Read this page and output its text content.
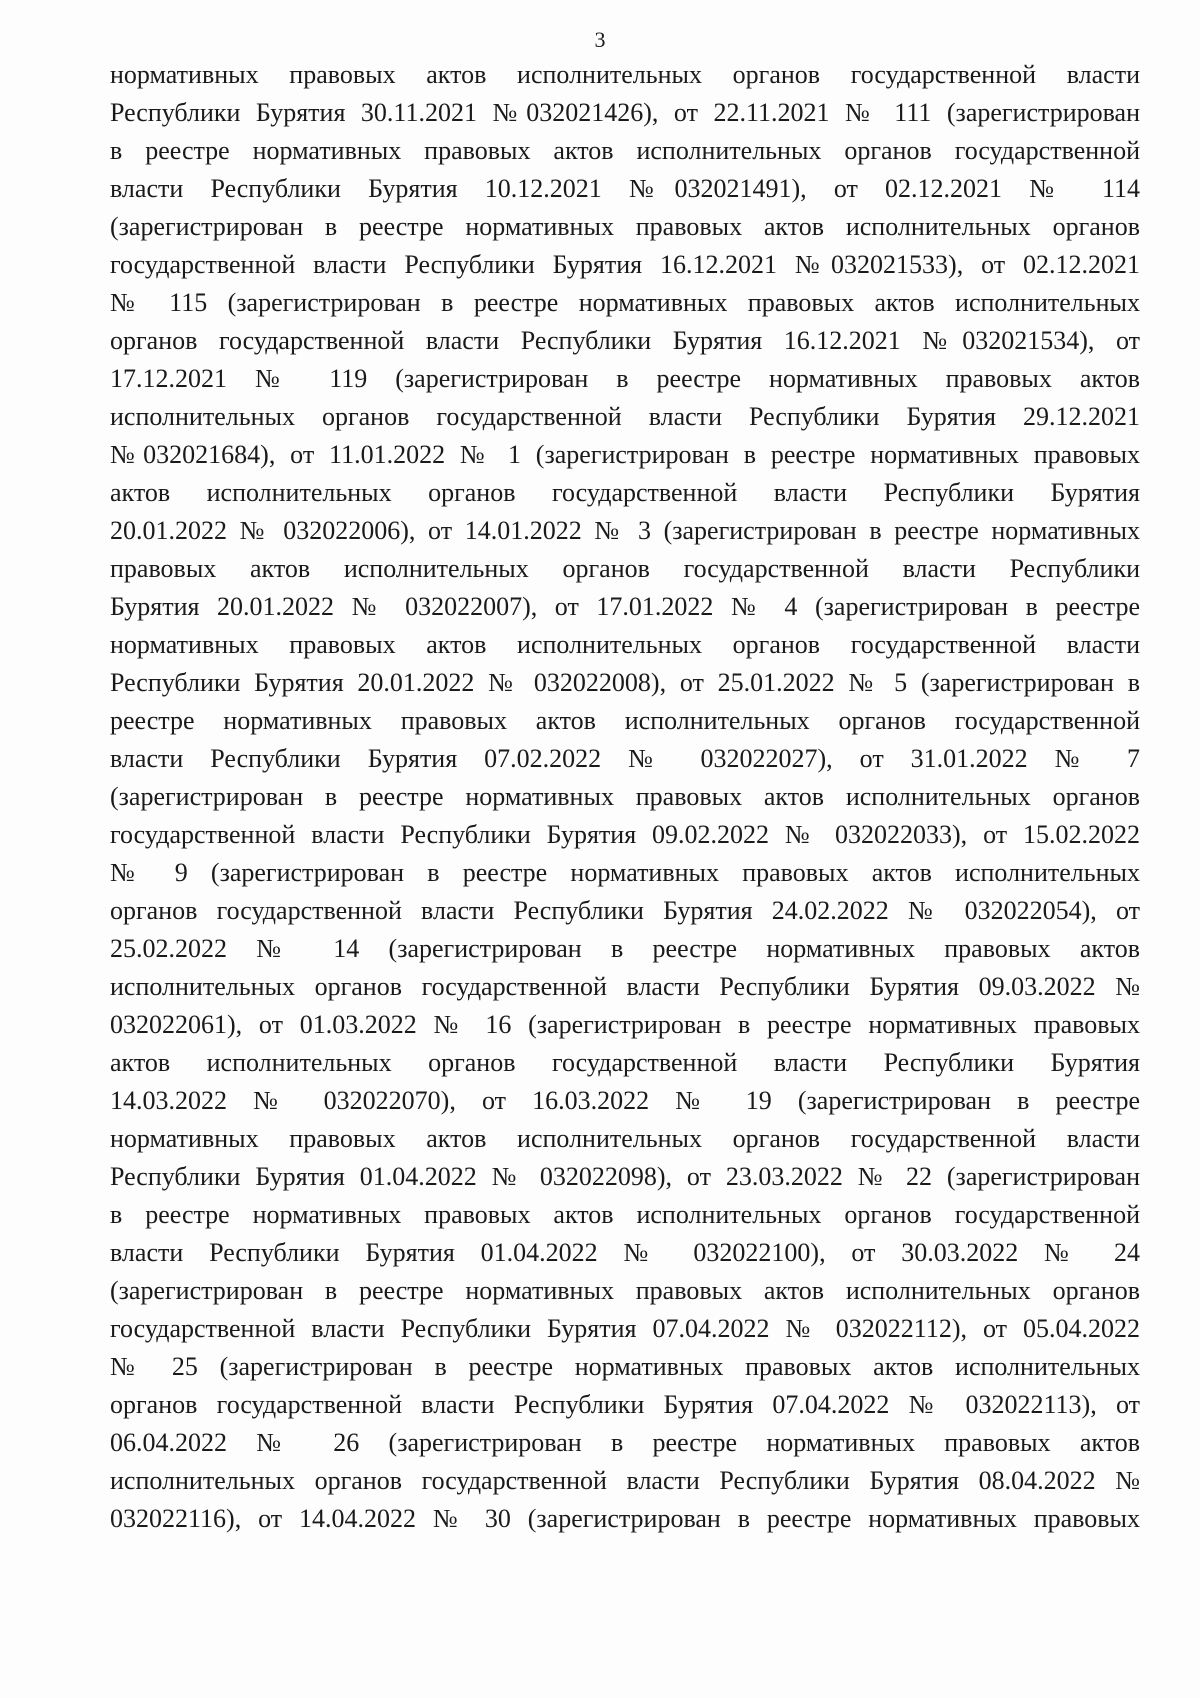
3
нормативных правовых актов исполнительных органов государственной власти
Республики Бурятия 30.11.2021 №032021426), от 22.11.2021 № 111 (зарегистрирован
в реестре нормативных правовых актов исполнительных органов государственной
власти Республики Бурятия 10.12.2021 №032021491), от 02.12.2021 № 114
(зарегистрирован в реестре нормативных правовых актов исполнительных органов
государственной власти Республики Бурятия 16.12.2021 №032021533), от 02.12.2021
№ 115 (зарегистрирован в реестре нормативных правовых актов исполнительных
органов государственной власти Республики Бурятия 16.12.2021 №032021534), от
17.12.2021 № 119 (зарегистрирован в реестре нормативных правовых актов
исполнительных органов государственной власти Республики Бурятия 29.12.2021
№032021684), от 11.01.2022 № 1 (зарегистрирован в реестре нормативных правовых
актов исполнительных органов государственной власти Республики Бурятия
20.01.2022 № 032022006), от 14.01.2022 № 3 (зарегистрирован в реестре нормативных
правовых актов исполнительных органов государственной власти Республики
Бурятия 20.01.2022 № 032022007), от 17.01.2022 № 4 (зарегистрирован в реестре
нормативных правовых актов исполнительных органов государственной власти
Республики Бурятия 20.01.2022 № 032022008), от 25.01.2022 № 5 (зарегистрирован в
реестре нормативных правовых актов исполнительных органов государственной
власти Республики Бурятия 07.02.2022 № 032022027), от 31.01.2022 № 7
(зарегистрирован в реестре нормативных правовых актов исполнительных органов
государственной власти Республики Бурятия 09.02.2022 № 032022033), от 15.02.2022
№ 9 (зарегистрирован в реестре нормативных правовых актов исполнительных
органов государственной власти Республики Бурятия 24.02.2022 № 032022054), от
25.02.2022 № 14 (зарегистрирован в реестре нормативных правовых актов
исполнительных органов государственной власти Республики Бурятия 09.03.2022 №
032022061), от 01.03.2022 № 16 (зарегистрирован в реестре нормативных правовых
актов исполнительных органов государственной власти Республики Бурятия
14.03.2022 № 032022070), от 16.03.2022 № 19 (зарегистрирован в реестре
нормативных правовых актов исполнительных органов государственной власти
Республики Бурятия 01.04.2022 № 032022098), от 23.03.2022 № 22 (зарегистрирован
в реестре нормативных правовых актов исполнительных органов государственной
власти Республики Бурятия 01.04.2022 № 032022100), от 30.03.2022 № 24
(зарегистрирован в реестре нормативных правовых актов исполнительных органов
государственной власти Республики Бурятия 07.04.2022 № 032022112), от 05.04.2022
№ 25 (зарегистрирован в реестре нормативных правовых актов исполнительных
органов государственной власти Республики Бурятия 07.04.2022 № 032022113), от
06.04.2022 № 26 (зарегистрирован в реестре нормативных правовых актов
исполнительных органов государственной власти Республики Бурятия 08.04.2022 №
032022116), от 14.04.2022 № 30 (зарегистрирован в реестре нормативных правовых
